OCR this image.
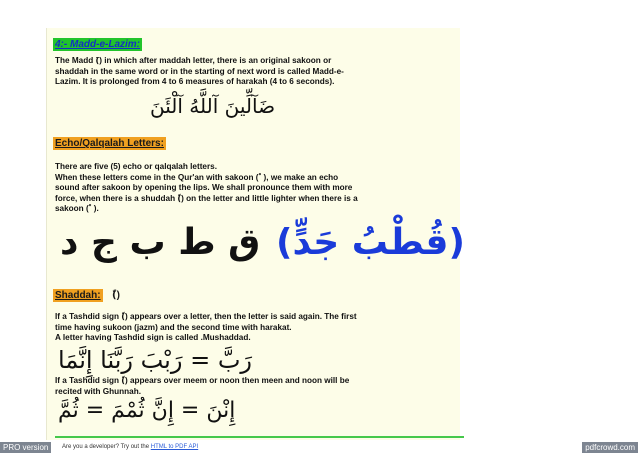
4:- Madd-e-Lazim:

The Madd (ٓ) in which after maddah letter, there is an original sakoon or
shaddah in the same word or in the starting of next word is called Madd-e-
Lazim. It is prolonged from 4 to 6 measures of harakah (4 to 6 seconds).

ضَآلِّينَ آللَّهُ آلْئَنَ
Echo/Qalqalah Letters:

There are five (5) echo or qalqalah letters.
When these letters come in the Qur'an with sakoon ( ْ ), we make an echo
sound after sakoon by opening the lips. We shall pronounce them with more
force, when there is a shuddah (ّ) on the letter and little lighter when there is a
sakoon ( ْ ).

ق ط ب ج د (قُطْبُ جَدٍّ)
Shaddah: (ّ)

If a Tashdid sign (ّ) appears over a letter, then the letter is said again. The first
time having sukoon (jazm) and the second time with harakat.
A letter having Tashdid sign is called .Mushaddad.

رَبَّ = رَبْبَ رَبَّنَا إِنَّمَا

If a Tashdid sign (ّ) appears over meem or noon then meen and noon will be
recited with Ghunnah.

إِنْنَ = إِنَّ ثُمْمَ = ثُمَّ
PRO version	Are you a developer? Try out the HTML to PDF API	pdfcrowd.com
